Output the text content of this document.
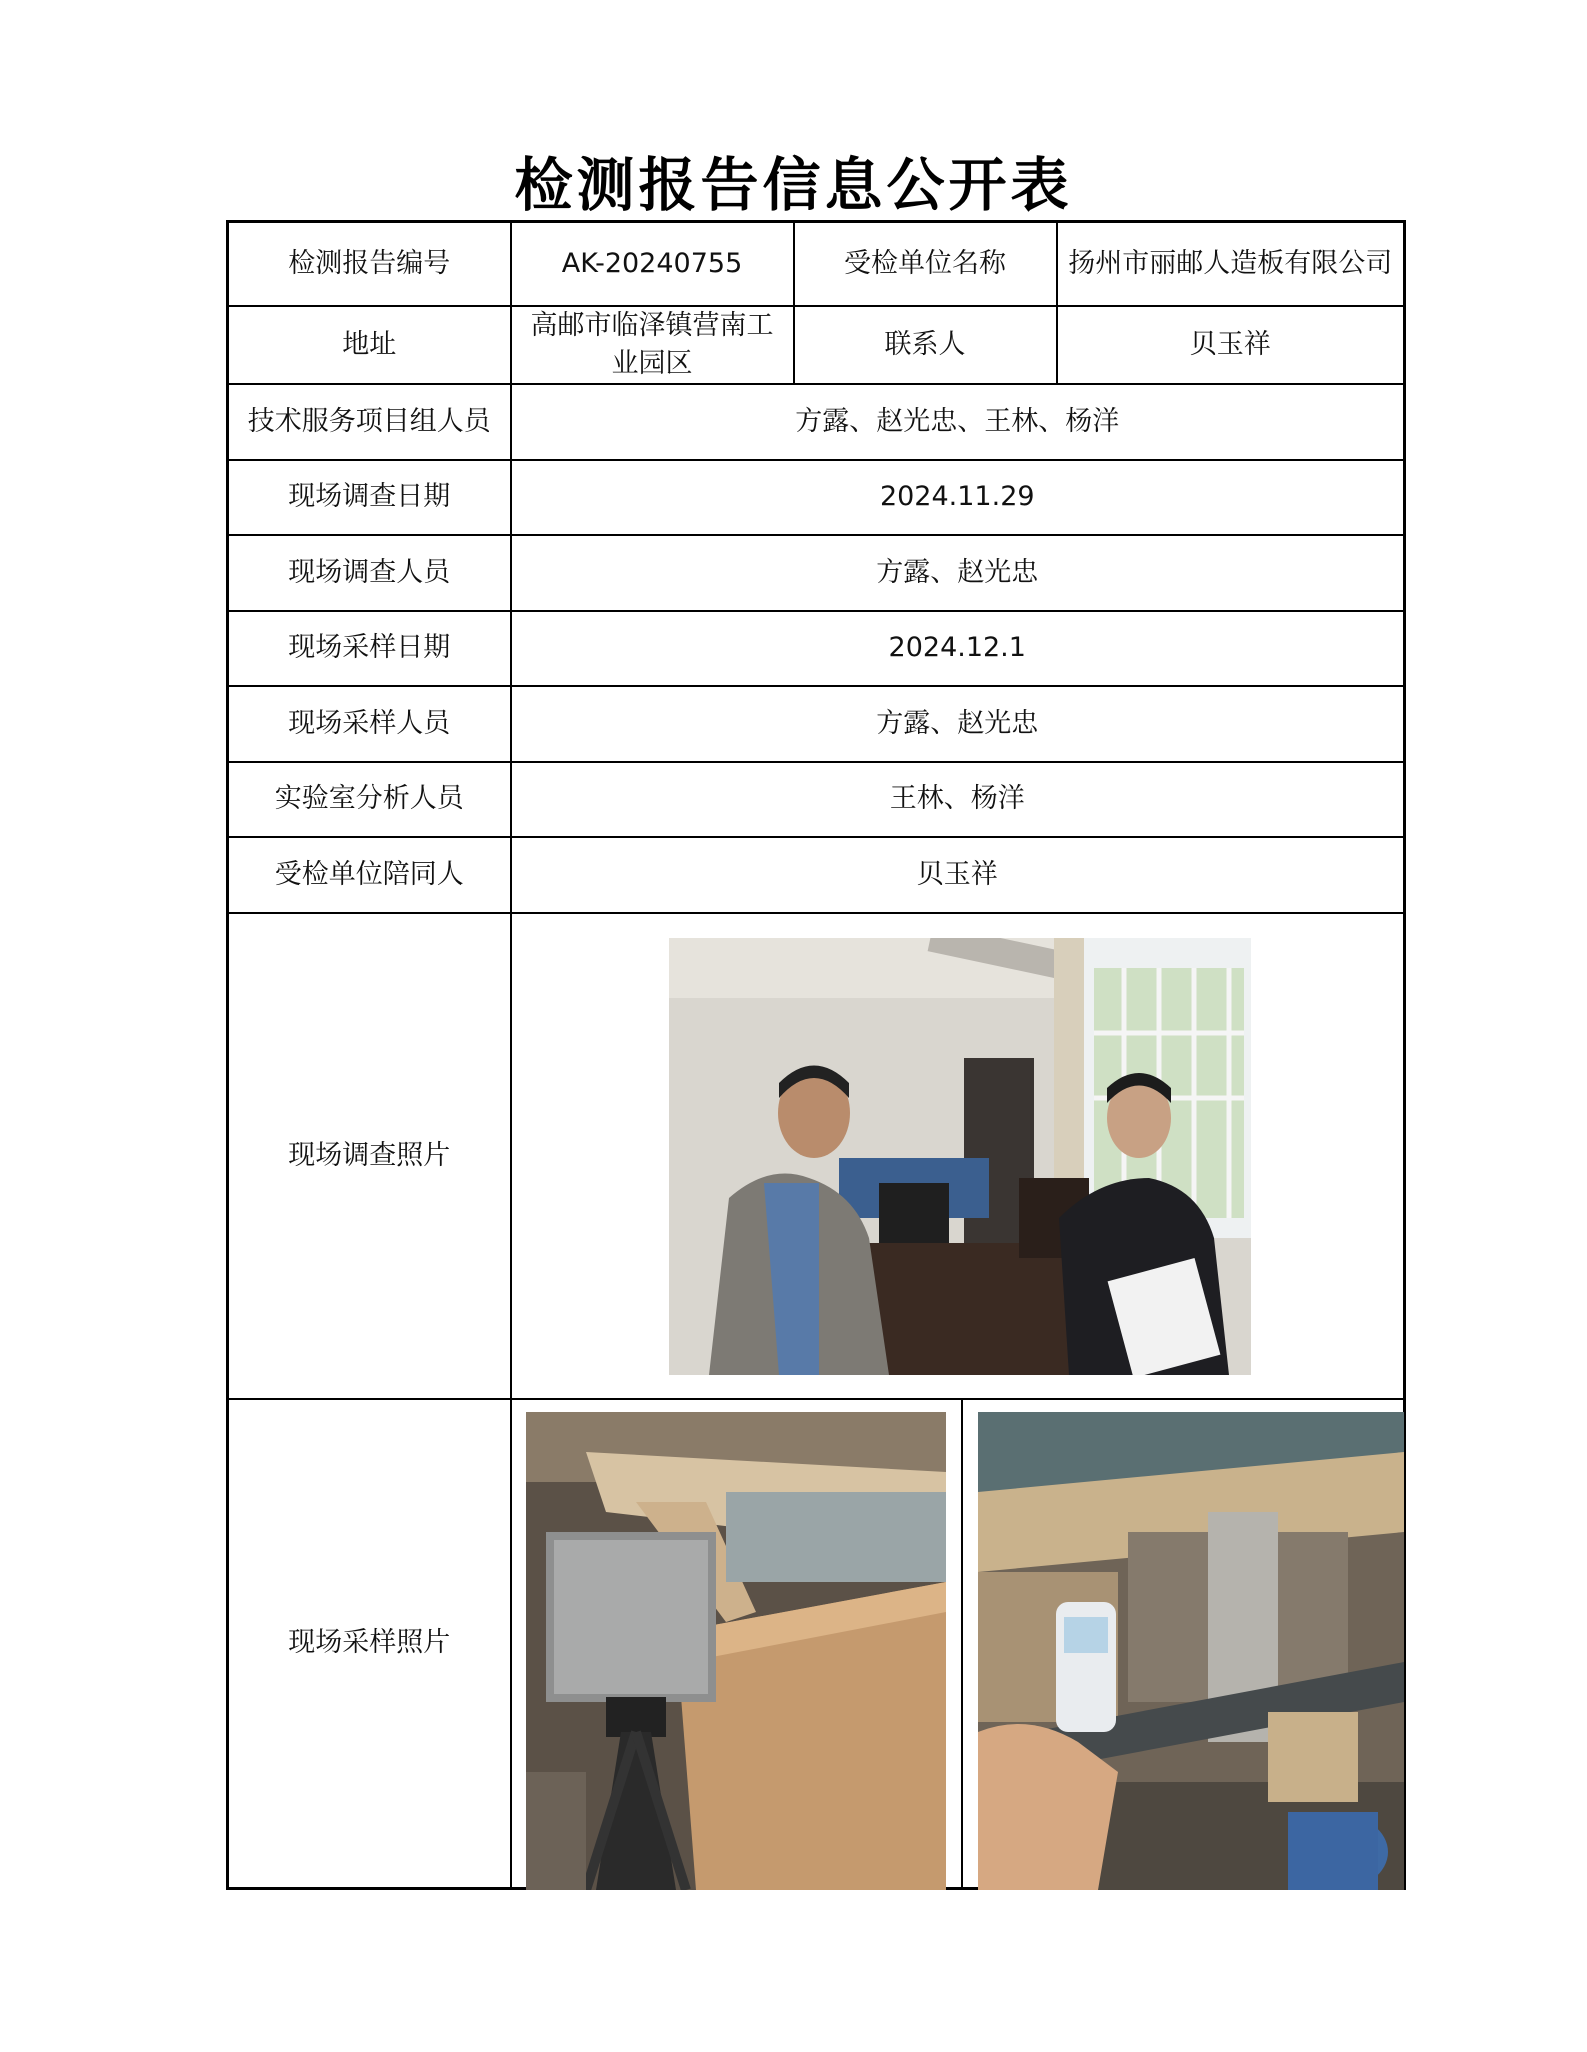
检测报告信息公开表
检测报告编号	AK-20240755	受检单位名称	扬州市丽邮人造板有限公司
地址	高邮市临泽镇营南工业园区	联系人	贝玉祥
技术服务项目组人员	方露、赵光忠、王林、杨洋		
现场调查日期	2024.11.29		
现场调查人员	方露、赵光忠		
现场采样日期	2024.12.1		
现场采样人员	方露、赵光忠		
实验室分析人员	王林、杨洋		
受检单位陪同人	贝玉祥		
现场调查照片	

现场采样照片	
